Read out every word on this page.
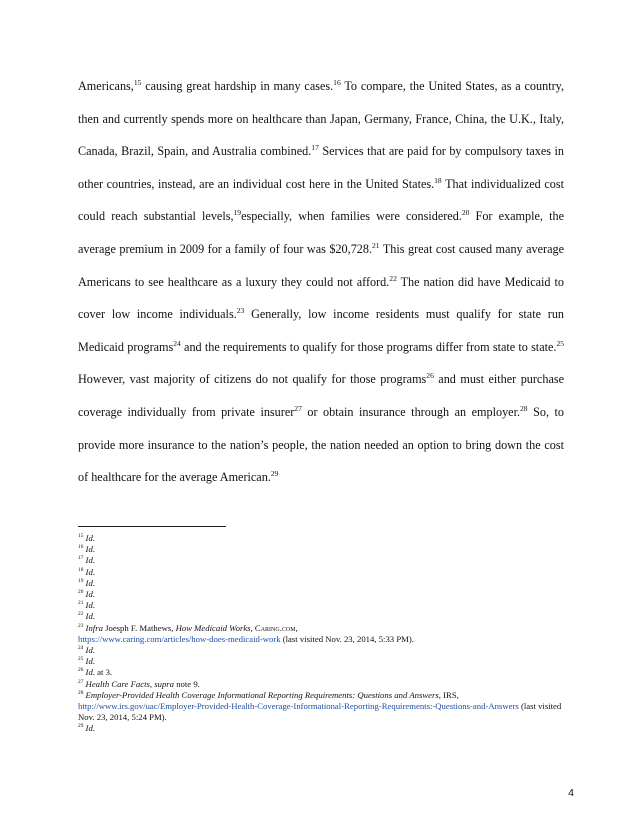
Americans,$^{15}$ causing great hardship in many cases.$^{16}$ To compare, the United States, as a country, then and currently spends more on healthcare than Japan, Germany, France, China, the U.K., Italy, Canada, Brazil, Spain, and Australia combined.$^{17}$ Services that are paid for by compulsory taxes in other countries, instead, are an individual cost here in the United States.$^{18}$ That individualized cost could reach substantial levels,$^{19}$especially, when families were considered.$^{20}$ For example, the average premium in 2009 for a family of four was $20,728.21 This great cost caused many average Americans to see healthcare as a luxury they could not afford.$^{22}$ The nation did have Medicaid to cover low income individuals.$^{23}$ Generally, low income residents must qualify for state run Medicaid programs$^{24}$ and the requirements to qualify for those programs differ from state to state.$^{25}$ However, vast majority of citizens do not qualify for those programs$^{26}$ and must either purchase coverage individually from private insurer$^{27}$ or obtain insurance through an employer.$^{28}$ So, to provide more insurance to the nation’s people, the nation needed an option to bring down the cost of healthcare for the average American.$^{29}$

$^{15}$ Id.
$^{16}$ Id.
$^{17}$ Id.
$^{18}$ Id.
$^{19}$ Id.
$^{20}$ Id.
$^{21}$ Id.
$^{22}$ Id.
$^{23}$ Infra Joesph F. Mathews, How Medicaid Works, Caring.com,
https://www.caring.com/articles/how-does-medicaid-work (last visited Nov. 23, 2014, 5:33 PM).
$^{24}$ Id.
$^{25}$ Id.
$^{26}$ Id. at 3.
$^{27}$ Health Care Facts, supra note 9.
$^{28}$ Employer-Provided Health Coverage Informational Reporting Requirements: Questions and Answers, IRS,
http://www.irs.gov/uac/Employer-Provided-Health-Coverage-Informational-Reporting-Requirements:-Questions-and-Answers (last visited Nov. 23, 2014, 5:24 PM).
$^{29}$ Id.
4
